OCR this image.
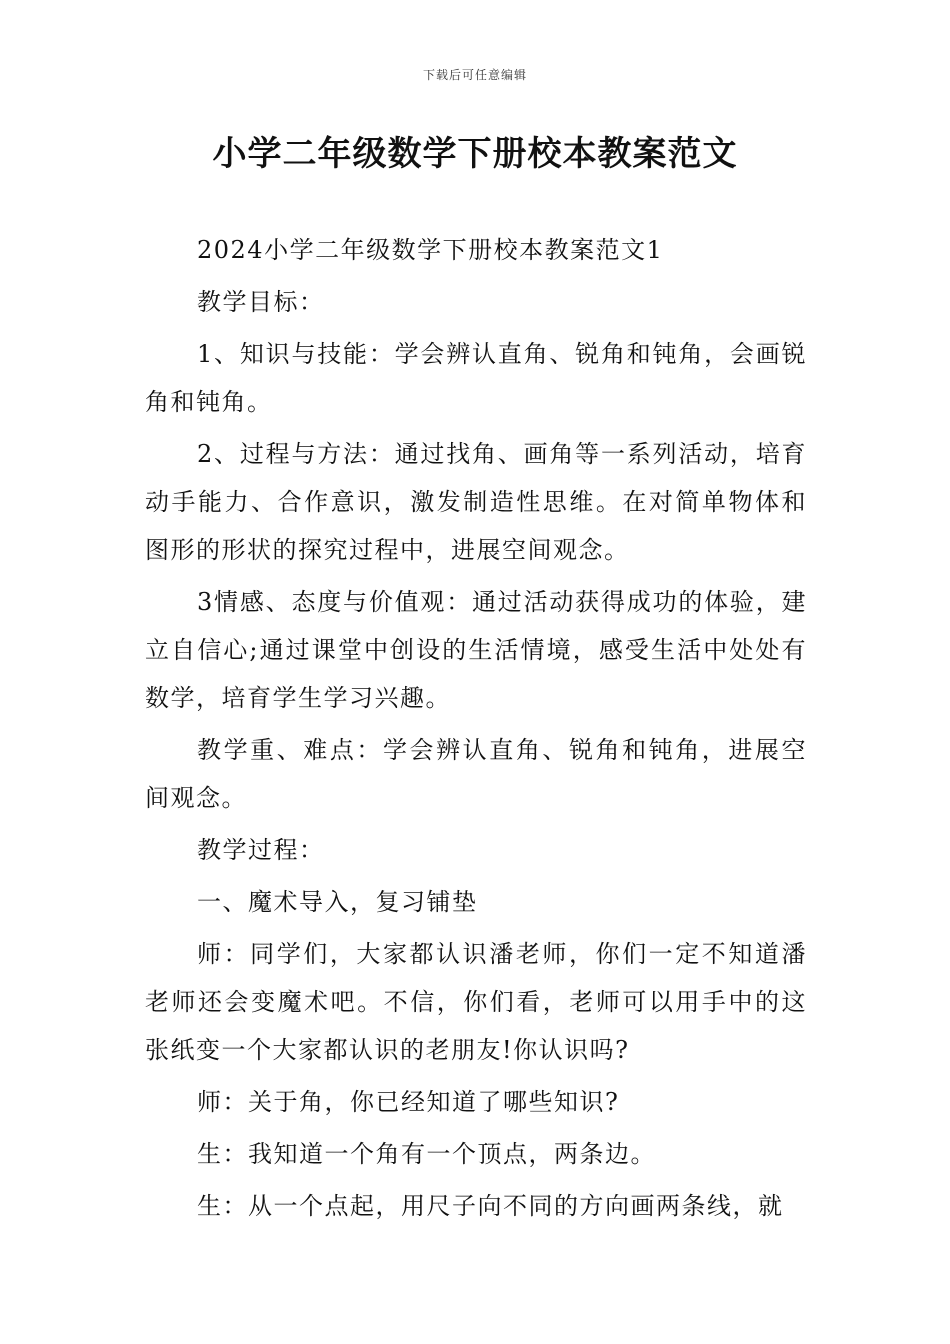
下载后可任意编辑
小学二年级数学下册校本教案范文

2024小学二年级数学下册校本教案范文1

教学目标：

1、知识与技能：学会辨认直角、锐角和钝角，会画锐角和钝角。

2、过程与方法：通过找角、画角等一系列活动，培育动手能力、合作意识，激发制造性思维。在对简单物体和图形的形状的探究过程中，进展空间观念。

3情感、态度与价值观：通过活动获得成功的体验，建立自信心;通过课堂中创设的生活情境，感受生活中处处有数学，培育学生学习兴趣。

教学重、难点：学会辨认直角、锐角和钝角，进展空间观念。

教学过程：

一、魔术导入，复习铺垫

师：同学们，大家都认识潘老师，你们一定不知道潘老师还会变魔术吧。不信，你们看，老师可以用手中的这张纸变一个大家都认识的老朋友!你认识吗?

师：关于角，你已经知道了哪些知识?

生：我知道一个角有一个顶点，两条边。

生：从一个点起，用尺子向不同的方向画两条线，就
